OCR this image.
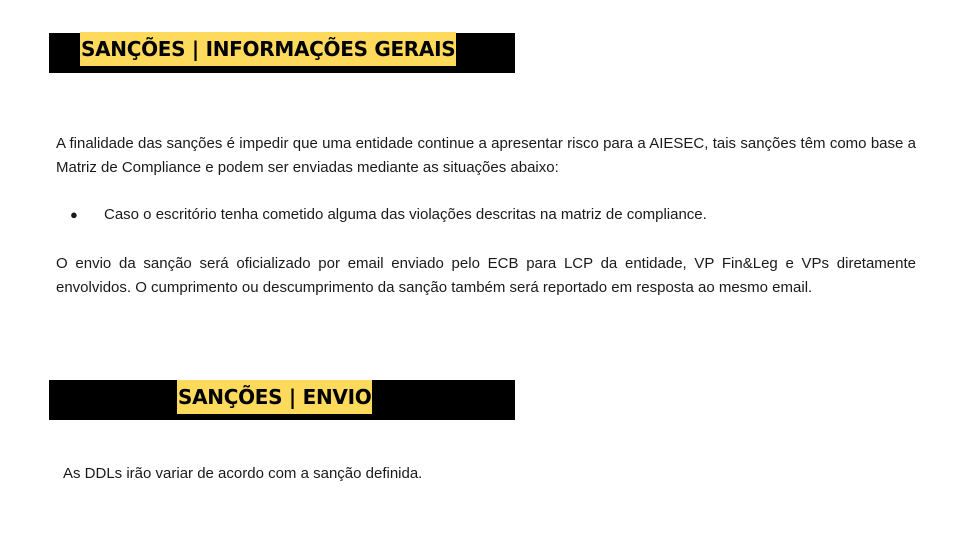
SANÇÕES | INFORMAÇÕES GERAIS

A finalidade das sanções é impedir que uma entidade continue a apresentar risco para a AIESEC, tais sanções têm como base a Matriz de Compliance e podem ser enviadas mediante as situações abaixo:

● Caso o escritório tenha cometido alguma das violações descritas na matriz de compliance.

O envio da sanção será oficializado por email enviado pelo ECB para LCP da entidade, VP Fin&Leg e VPs diretamente envolvidos. O cumprimento ou descumprimento da sanção também será reportado em resposta ao mesmo email.

SANÇÕES | ENVIO
As DDLs irão variar de acordo com a sanção definida.
